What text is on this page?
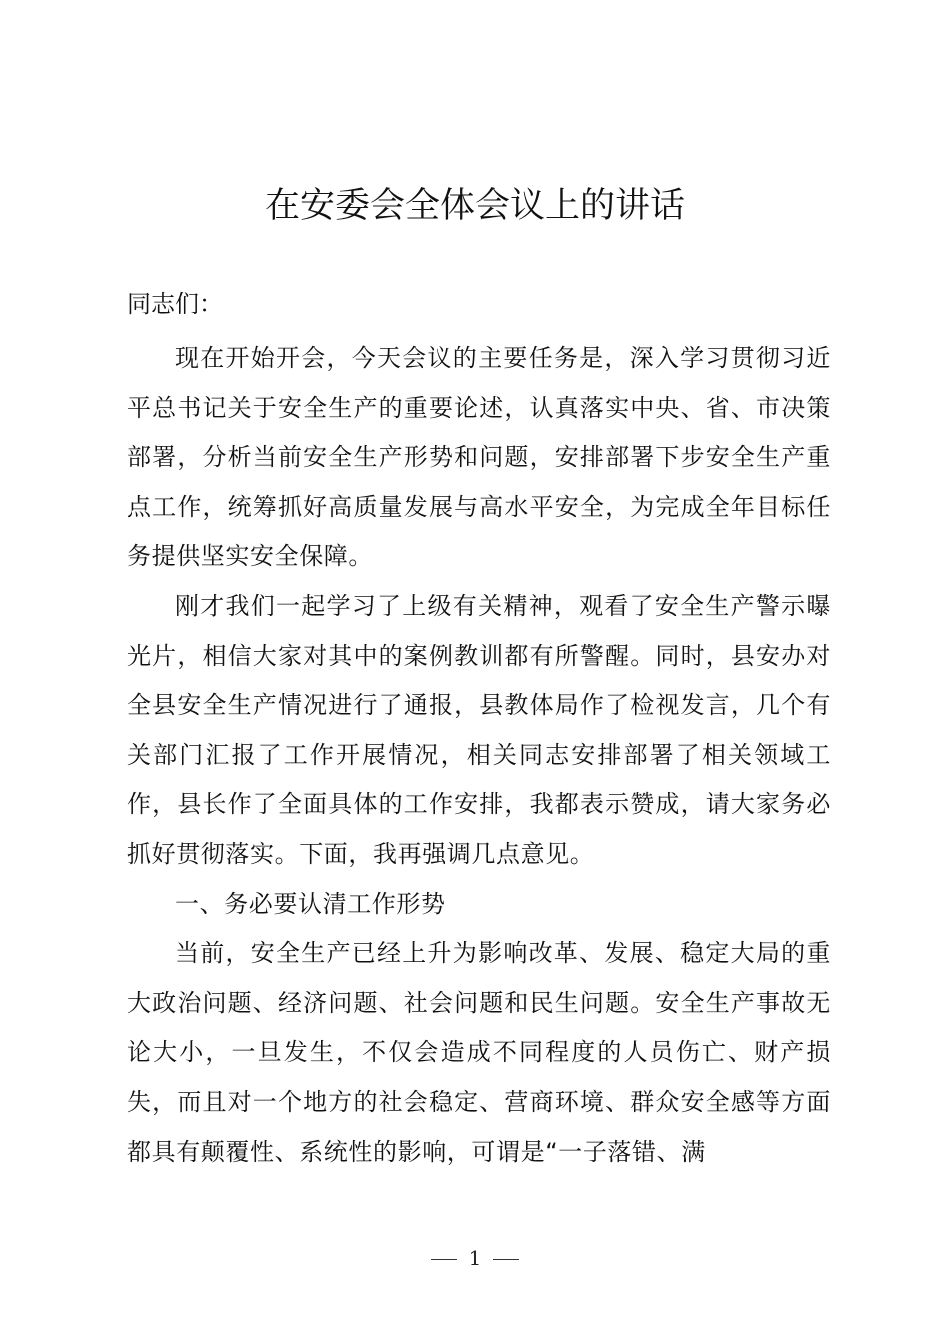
在安委会全体会议上的讲话
同志们：

现在开始开会，今天会议的主要任务是，深入学习贯彻习近平总书记关于安全生产的重要论述，认真落实中央、省、市决策部署，分析当前安全生产形势和问题，安排部署下步安全生产重点工作，统筹抓好高质量发展与高水平安全，为完成全年目标任务提供坚实安全保障。

刚才我们一起学习了上级有关精神，观看了安全生产警示曝光片，相信大家对其中的案例教训都有所警醒。同时，县安办对全县安全生产情况进行了通报，县教体局作了检视发言，几个有关部门汇报了工作开展情况，相关同志安排部署了相关领域工作，县长作了全面具体的工作安排，我都表示赞成，请大家务必抓好贯彻落实。下面，我再强调几点意见。

一、务必要认清工作形势

当前，安全生产已经上升为影响改革、发展、稳定大局的重大政治问题、经济问题、社会问题和民生问题。安全生产事故无论大小，一旦发生，不仅会造成不同程度的人员伤亡、财产损失，而且对一个地方的社会稳定、营商环境、群众安全感等方面都具有颠覆性、系统性的影响，可谓是“一子落错、满

1
